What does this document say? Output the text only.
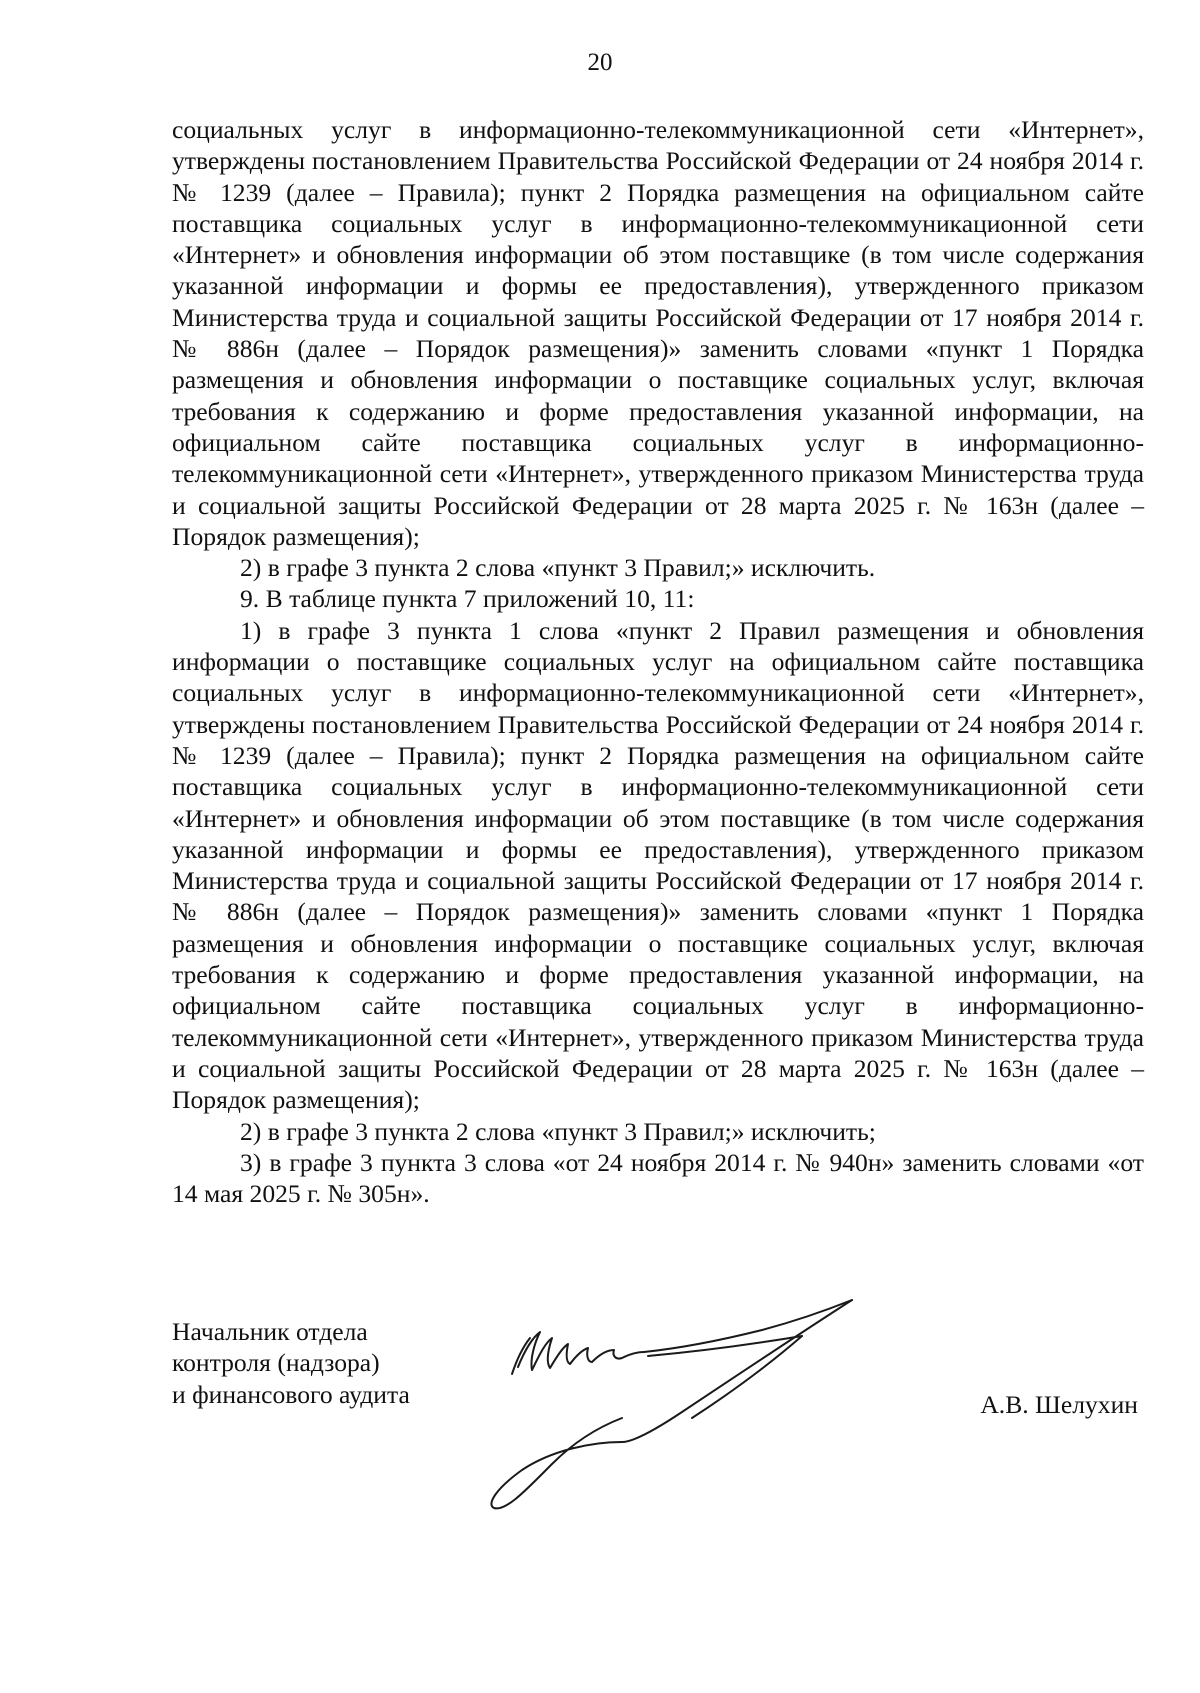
20

социальных услуг в информационно-телекоммуникационной сети «Интернет», утверждены постановлением Правительства Российской Федерации от 24 ноября 2014 г. № 1239 (далее – Правила); пункт 2 Порядка размещения на официальном сайте поставщика социальных услуг в информационно-телекоммуникационной сети «Интернет» и обновления информации об этом поставщике (в том числе содержания указанной информации и формы ее предоставления), утвержденного приказом Министерства труда и социальной защиты Российской Федерации от 17 ноября 2014 г. № 886н (далее – Порядок размещения)» заменить словами «пункт 1 Порядка размещения и обновления информации о поставщике социальных услуг, включая требования к содержанию и форме предоставления указанной информации, на официальном сайте поставщика социальных услуг в информационно-телекоммуникационной сети «Интернет», утвержденного приказом Министерства труда и социальной защиты Российской Федерации от 28 марта 2025 г. № 163н (далее – Порядок размещения);

2) в графе 3 пункта 2 слова «пункт 3 Правил;» исключить.

9. В таблице пункта 7 приложений 10, 11:

1) в графе 3 пункта 1 слова «пункт 2 Правил размещения и обновления информации о поставщике социальных услуг на официальном сайте поставщика социальных услуг в информационно-телекоммуникационной сети «Интернет», утверждены постановлением Правительства Российской Федерации от 24 ноября 2014 г. № 1239 (далее – Правила); пункт 2 Порядка размещения на официальном сайте поставщика социальных услуг в информационно-телекоммуникационной сети «Интернет» и обновления информации об этом поставщике (в том числе содержания указанной информации и формы ее предоставления), утвержденного приказом Министерства труда и социальной защиты Российской Федерации от 17 ноября 2014 г. № 886н (далее – Порядок размещения)» заменить словами «пункт 1 Порядка размещения и обновления информации о поставщике социальных услуг, включая требования к содержанию и форме предоставления указанной информации, на официальном сайте поставщика социальных услуг в информационно-телекоммуникационной сети «Интернет», утвержденного приказом Министерства труда и социальной защиты Российской Федерации от 28 марта 2025 г. № 163н (далее – Порядок размещения);

2) в графе 3 пункта 2 слова «пункт 3 Правил;» исключить;

3) в графе 3 пункта 3 слова «от 24 ноября 2014 г. № 940н» заменить словами «от 14 мая 2025 г. № 305н».

Начальник отдела
контроля (надзора)
и финансового аудита	А.В. Шелухин
